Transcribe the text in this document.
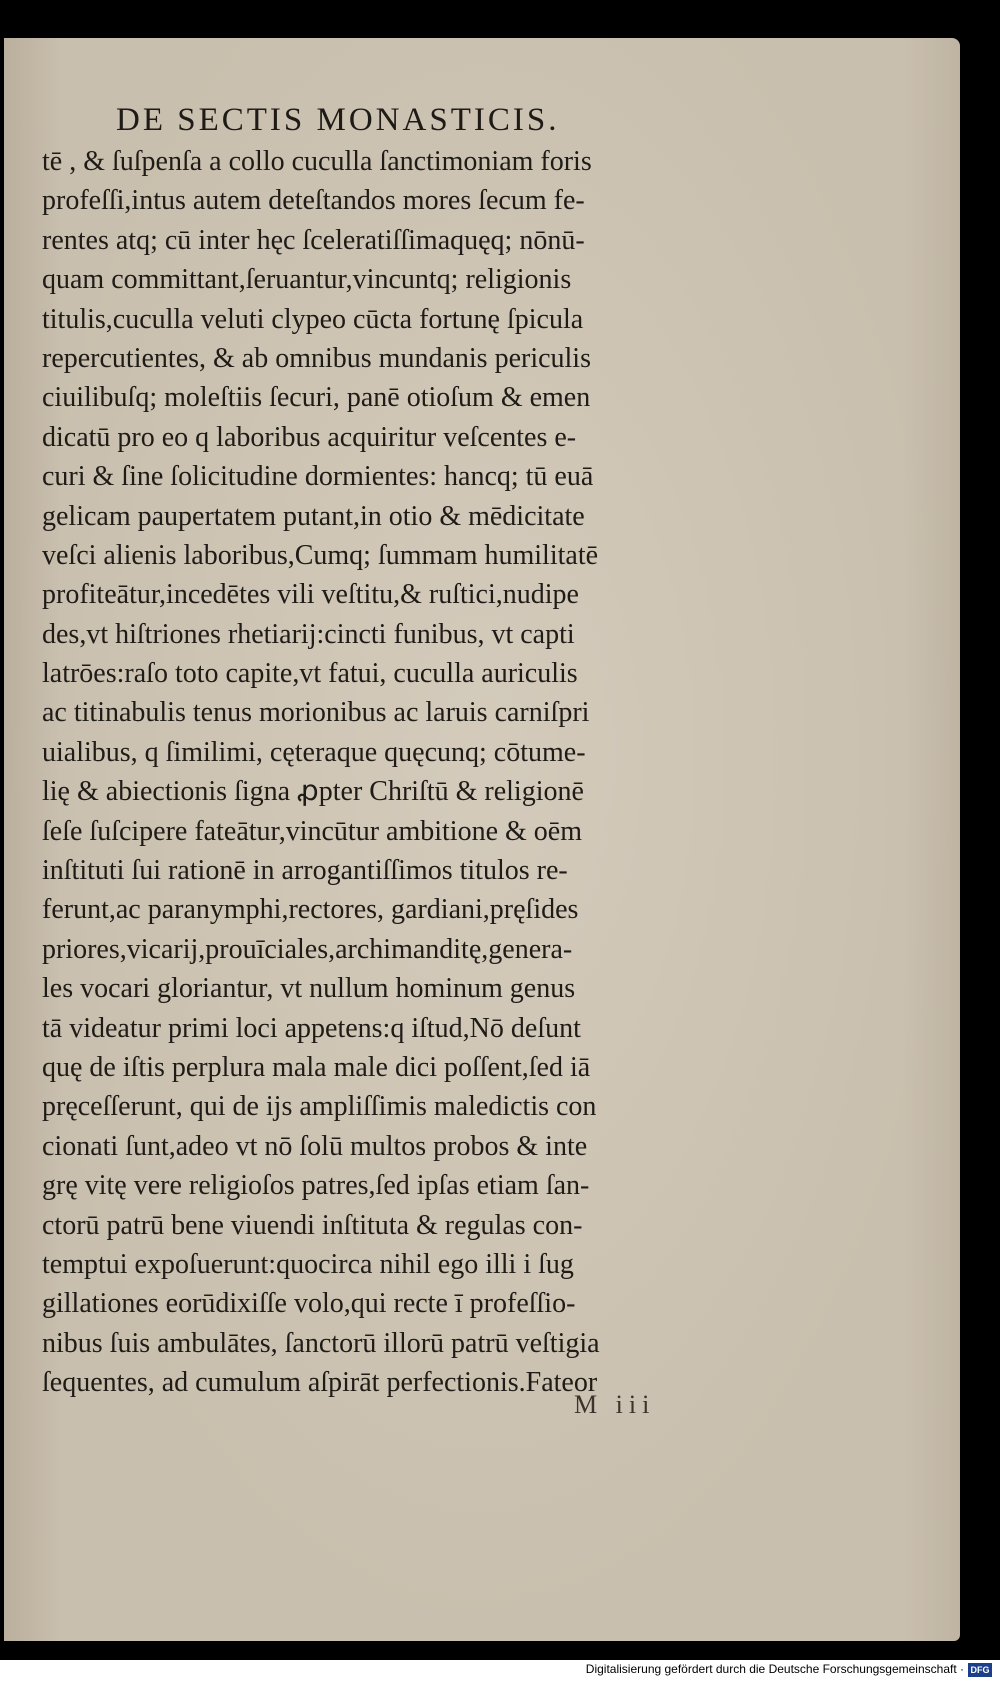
DE SECTIS MONASTICIS.
tē , & ſuſpenſa a collo cuculla ſanctimoniam foris
profeſſi,intus autem deteſtandos mores ſecum fe-
rentes atq; cū inter hęc ſceleratiſſimaquęq; nōnū-
quam committant,ſeruantur,vincuntq; religionis
titulis,cuculla veluti clypeo cūcta fortunę ſpicula
repercutientes, & ab omnibus mundanis periculis
ciuilibuſq; moleſtiis ſecuri, panē otioſum & emen
dicatū pro eo q laboribus acquiritur veſcentes e-
curi & ſine ſolicitudine dormientes: hancq; tū euā
gelicam paupertatem putant,in otio & mēdicitate
veſci alienis laboribus,Cumq; ſummam humilitatē
profiteātur,incedētes vili veſtitu,& ruſtici,nudipe
des,vt hiſtriones rhetiarij:cincti funibus, vt capti
latrōes:raſo toto capite,vt fatui, cuculla auriculis
ac titinabulis tenus morionibus ac laruis carniſpri
uialibus, q ſimilimi, cęteraque quęcunq; cōtume-
lię & abiectionis ſigna ꝓpter Chriſtū & religionē
ſeſe ſuſcipere fateātur,vincūtur ambitione & oēm
inſtituti ſui rationē in arrogantiſſimos titulos re-
ferunt,ac paranymphi,rectores, gardiani,pręſides
priores,vicarij,prouīciales,archimanditę,genera-
les vocari gloriantur, vt nullum hominum genus
tā videatur primi loci appetens:q iſtud,Nō deſunt
quę de iſtis perplura mala male dici poſſent,ſed iā
pręceſſerunt, qui de ijs ampliſſimis maledictis con
cionati ſunt,adeo vt nō ſolū multos probos & inte
grę vitę vere religioſos patres,ſed ipſas etiam ſan-
ctorū patrū bene viuendi inſtituta & regulas con-
temptui expoſuerunt:quocirca nihil ego illi i ſug
gillationes eorūdixiſſe volo,qui recte ī profeſſio-
nibus ſuis ambulātes, ſanctorū illorū patrū veſtigia
ſequentes, ad cumulum aſpirāt perfectionis.Fateor
M iii
Digitalisierung gefördert durch die Deutsche Forschungsgemeinschaft · DFG
